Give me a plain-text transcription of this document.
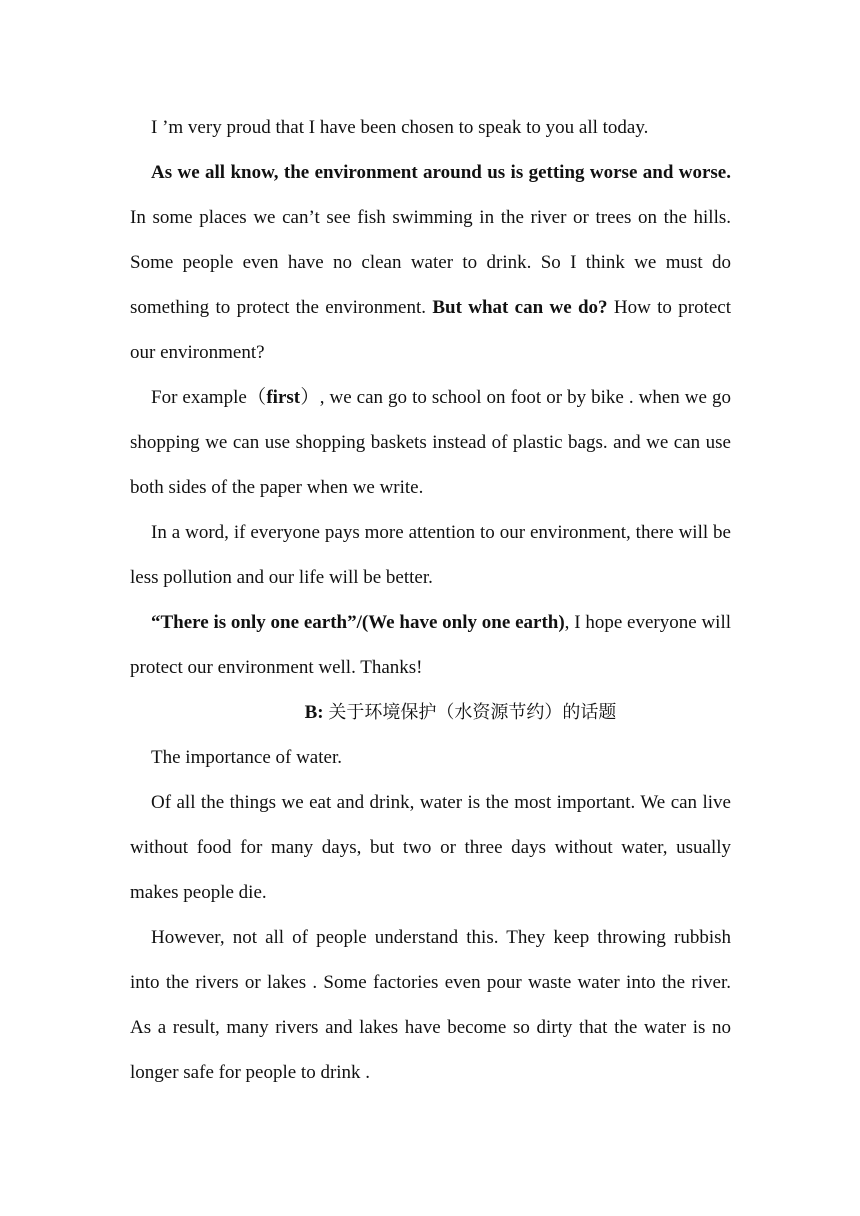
I ’m very proud that I have been chosen to speak to you all today.

As we all know, the environment around us is getting worse and worse. In some places we can’t see fish swimming in the river or trees on the hills. Some people even have no clean water to drink. So I think we must do something to protect the environment. But what can we do? How to protect our environment?

For example（first）, we can go to school on foot or by bike . when we go shopping we can use shopping baskets instead of plastic bags. and we can use both sides of the paper when we write.

In a word, if everyone pays more attention to our environment, there will be less pollution and our life will be better.

“There is only one earth”/(We have only one earth), I hope everyone will protect our environment well. Thanks!

B: 关于环境保护（水资源节约）的话题

The importance of water.

Of all the things we eat and drink, water is the most important. We can live without food for many days, but two or three days without water, usually makes people die.

However, not all of people understand this. They keep throwing rubbish into the rivers or lakes . Some factories even pour waste water into the river. As a result, many rivers and lakes have become so dirty that the water is no longer safe for people to drink .
